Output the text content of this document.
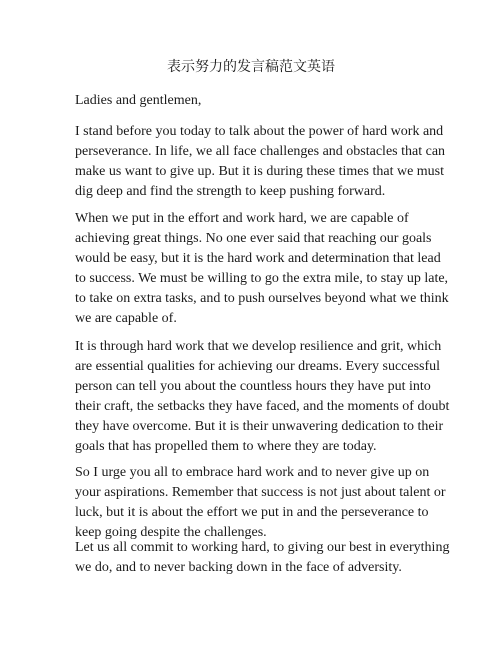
表示努力的发言稿范文英语
Ladies and gentlemen,
I stand before you today to talk about the power of hard work and
perseverance. In life, we all face challenges and obstacles that can
make us want to give up. But it is during these times that we must
dig deep and find the strength to keep pushing forward.
When we put in the effort and work hard, we are capable of
achieving great things. No one ever said that reaching our goals
would be easy, but it is the hard work and determination that lead
to success. We must be willing to go the extra mile, to stay up late,
to take on extra tasks, and to push ourselves beyond what we think
we are capable of.
It is through hard work that we develop resilience and grit, which
are essential qualities for achieving our dreams. Every successful
person can tell you about the countless hours they have put into
their craft, the setbacks they have faced, and the moments of doubt
they have overcome. But it is their unwavering dedication to their
goals that has propelled them to where they are today.
So I urge you all to embrace hard work and to never give up on
your aspirations. Remember that success is not just about talent or
luck, but it is about the effort we put in and the perseverance to
keep going despite the challenges.
Let us all commit to working hard, to giving our best in everything
we do, and to never backing down in the face of adversity.
